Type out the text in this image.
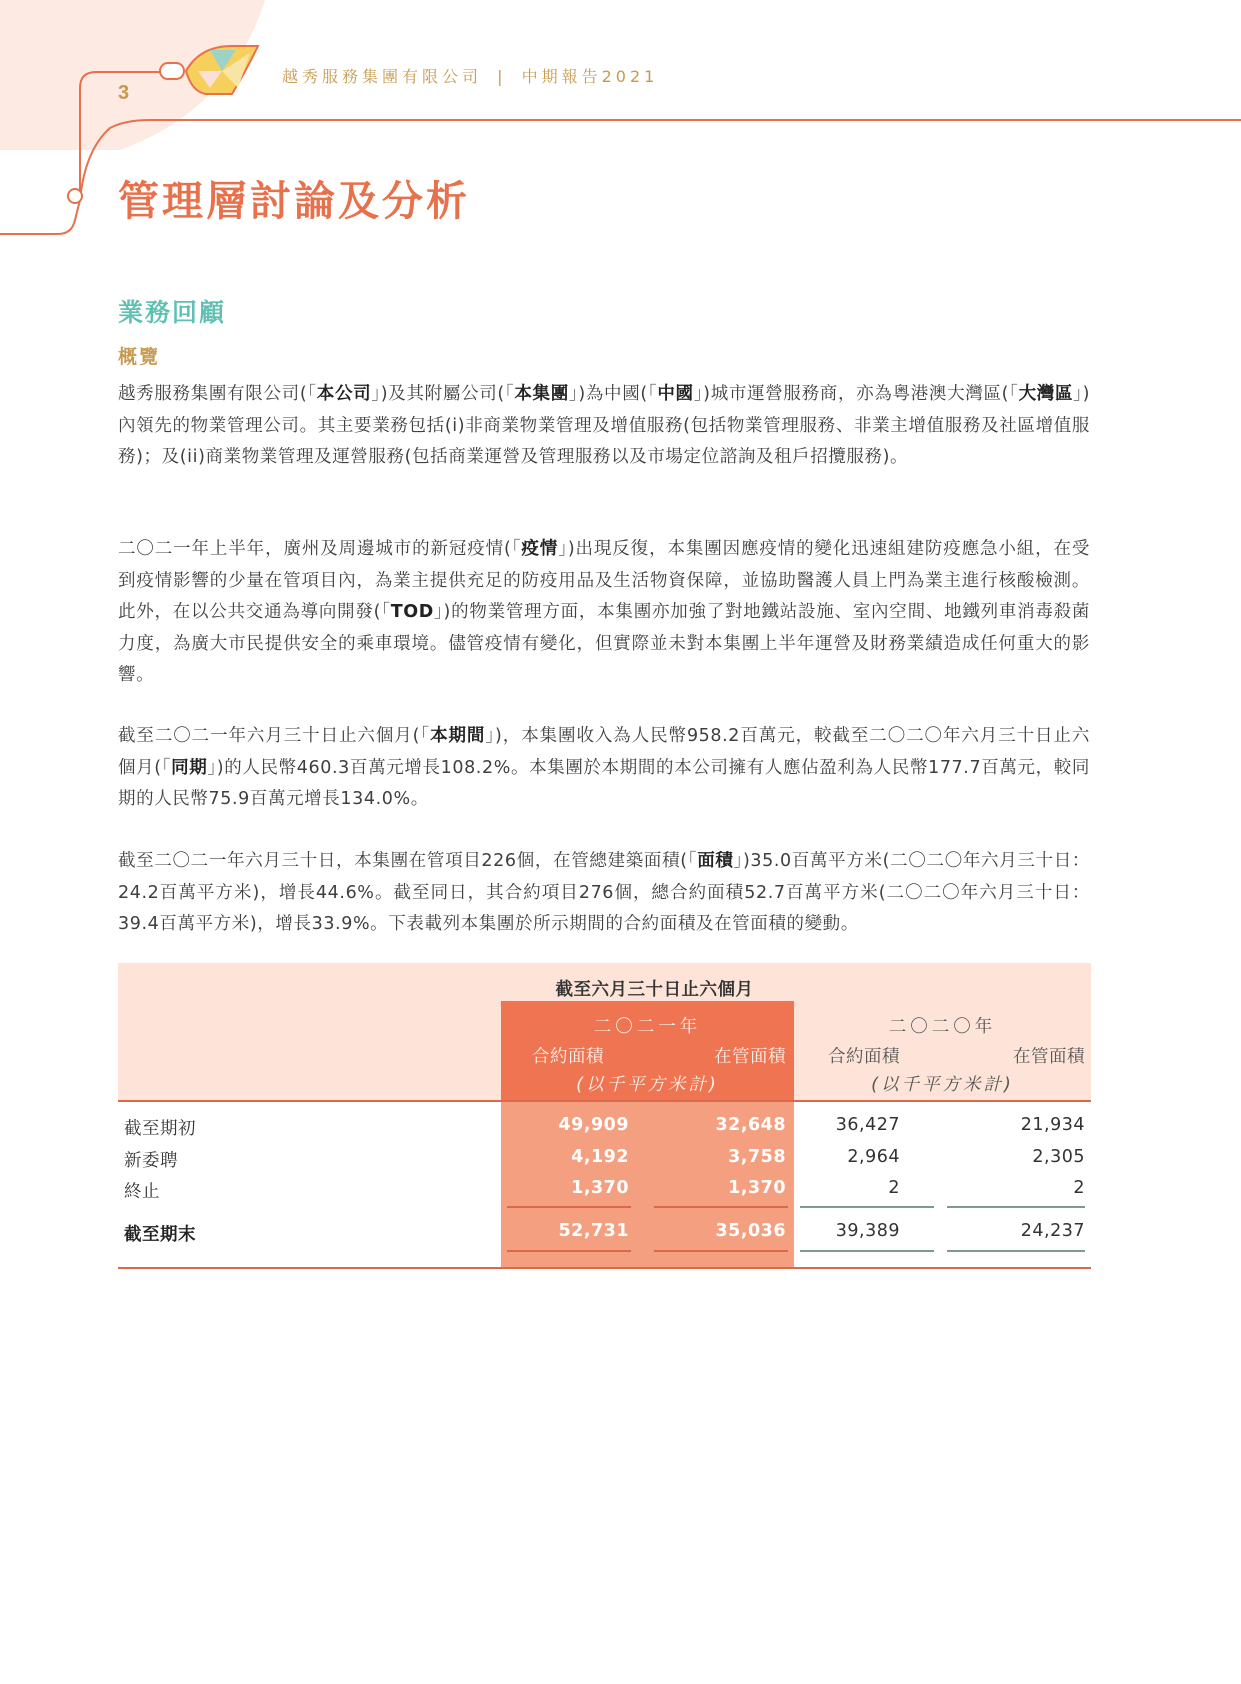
越秀服務集團有限公司 | 中期報告2021
3
管理層討論及分析
業務回顧
概覽

越秀服務集團有限公司(「本公司」)及其附屬公司(「本集團」)為中國(「中國」)城市運營服務商，亦為粵港澳大灣區(「大灣區」)內領先的物業管理公司。其主要業務包括(i)非商業物業管理及增值服務(包括物業管理服務、非業主增值服務及社區增值服務)；及(ii)商業物業管理及運營服務(包括商業運營及管理服務以及市場定位諮詢及租戶招攬服務)。

二〇二一年上半年，廣州及周邊城市的新冠疫情(「疫情」)出現反復，本集團因應疫情的變化迅速組建防疫應急小組，在受到疫情影響的少量在管項目內，為業主提供充足的防疫用品及生活物資保障，並協助醫護人員上門為業主進行核酸檢測。此外，在以公共交通為導向開發(「TOD」)的物業管理方面，本集團亦加強了對地鐵站設施、室內空間、地鐵列車消毒殺菌力度，為廣大市民提供安全的乘車環境。儘管疫情有變化，但實際並未對本集團上半年運營及財務業績造成任何重大的影響。

截至二〇二一年六月三十日止六個月(「本期間」)，本集團收入為人民幣958.2百萬元，較截至二〇二〇年六月三十日止六個月(「同期」)的人民幣460.3百萬元增長108.2%。本集團於本期間的本公司擁有人應佔盈利為人民幣177.7百萬元，較同期的人民幣75.9百萬元增長134.0%。

截至二〇二一年六月三十日，本集團在管項目226個，在管總建築面積(「面積」)35.0百萬平方米(二〇二〇年六月三十日：24.2百萬平方米)，增長44.6%。截至同日，其合約項目276個，總合約面積52.7百萬平方米(二〇二〇年六月三十日：39.4百萬平方米)，增長33.9%。下表載列本集團於所示期間的合約面積及在管面積的變動。

截至六月三十日止六個月
二〇二一年	二〇二〇年
合約面積	在管面積	合約面積	在管面積
(以千平方米計)	(以千平方米計)
截至期初	49,909	32,648	36,427	21,934
新委聘	4,192	3,758	2,964	2,305
終止	1,370	1,370	2	2
截至期末	52,731	35,036	39,389	24,237
